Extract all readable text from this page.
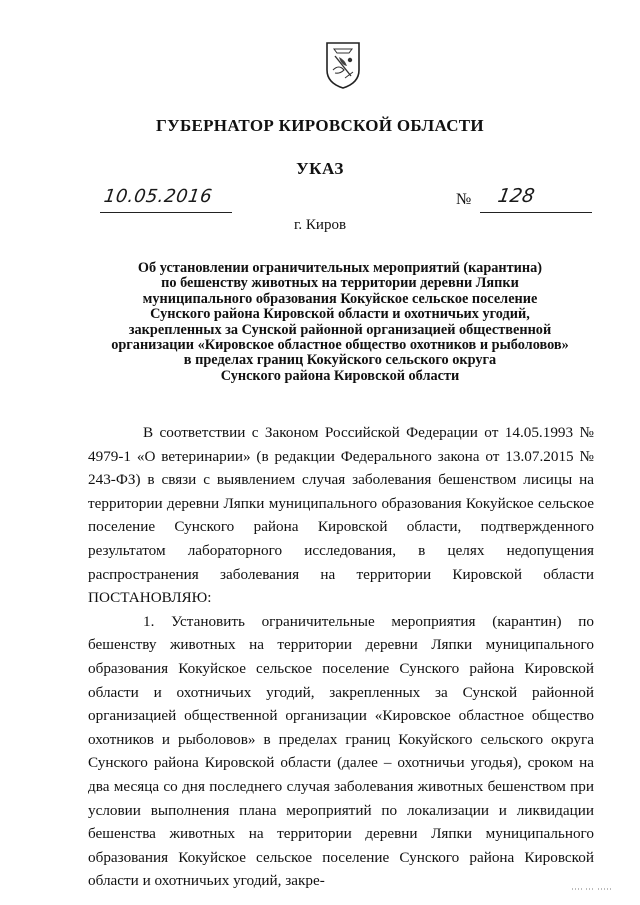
ГУБЕРНАТОР КИРОВСКОЙ ОБЛАСТИ
УКАЗ
10.05.2016	№ 128
г. Киров
Об установлении ограничительных мероприятий (карантина)
по бешенству животных на территории деревни Ляпки
муниципального образования Кокуйское сельское поселение
Сунского района Кировской области и охотничьих угодий,
закрепленных за Сунской районной организацией общественной
организации «Кировское областное общество охотников и рыболовов»
в пределах границ Кокуйского сельского округа
Сунского района Кировской области

В соответствии с Законом Российской Федерации от 14.05.1993 № 4979-1 «О ветеринарии» (в редакции Федерального закона от 13.07.2015 № 243-ФЗ) в связи с выявлением случая заболевания бешенством лисицы на территории деревни Ляпки муниципального образования Кокуйское сельское поселение Сунского района Кировской области, подтвержденного результатом лабораторного исследования, в целях недопущения распространения заболевания на территории Кировской области ПОСТАНОВЛЯЮ:

1. Установить ограничительные мероприятия (карантин) по бешенству животных на территории деревни Ляпки муниципального образования Кокуйское сельское поселение Сунского района Кировской области и охотничьих угодий, закрепленных за Сунской районной организацией общественной организации «Кировское областное общество охотников и рыболовов» в пределах границ Кокуйского сельского округа Сунского района Кировской области (далее – охотничьи угодья), сроком на два месяца со дня последнего случая заболевания животных бешенством при условии выполнения плана мероприятий по локализации и ликвидации бешенства животных на территории деревни Ляпки муниципального образования Кокуйское сельское поселение Сунского района Кировской области и охотничьих угодий, закре-
